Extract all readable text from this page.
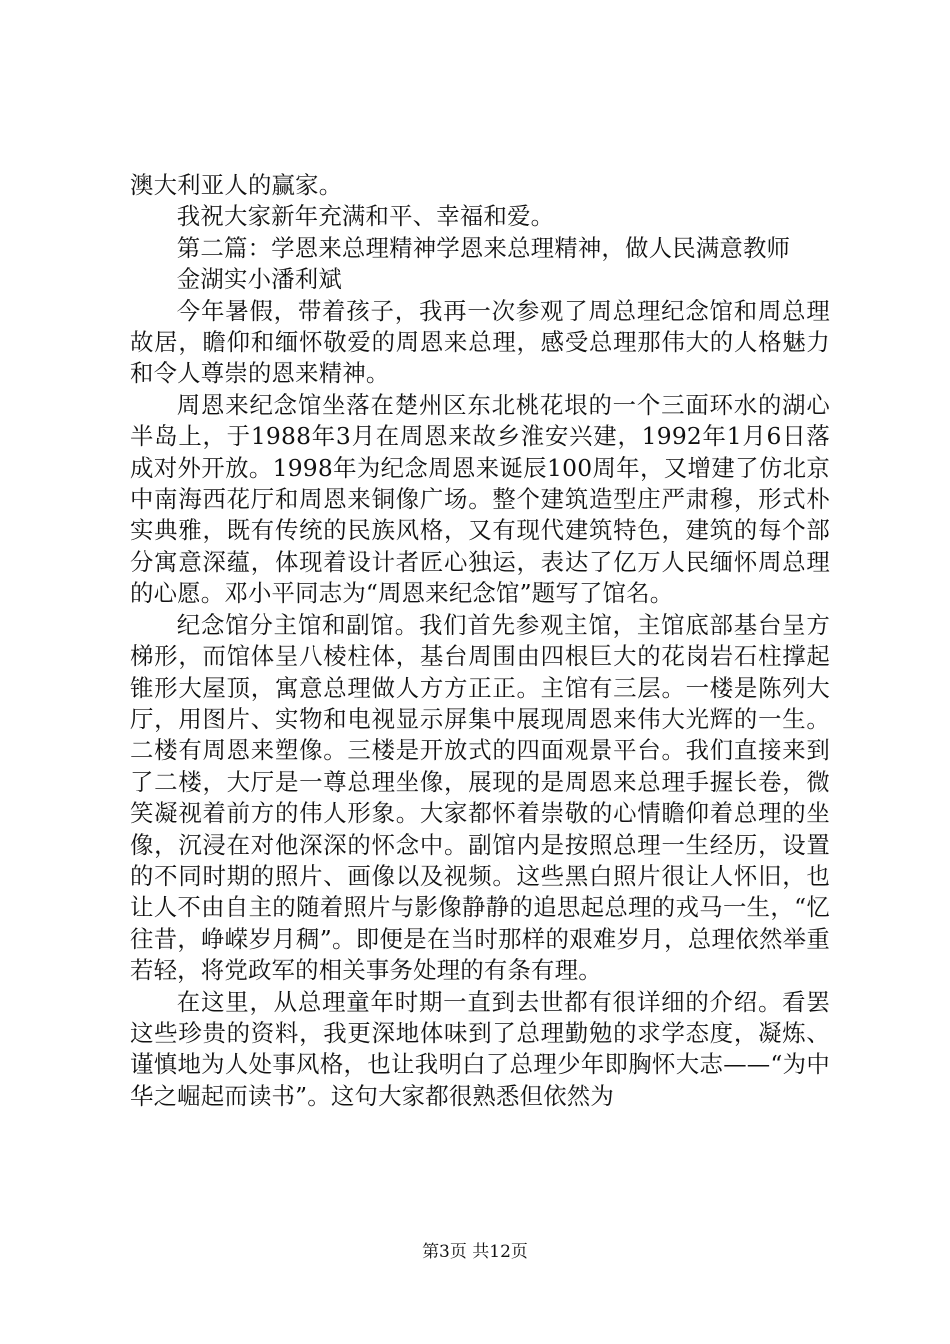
澳大利亚人的赢家。

我祝大家新年充满和平、幸福和爱。

第二篇：学恩来总理精神学恩来总理精神，做人民满意教师

金湖实小潘利斌

今年暑假，带着孩子，我再一次参观了周总理纪念馆和周总理故居，瞻仰和缅怀敬爱的周恩来总理，感受总理那伟大的人格魅力和令人尊崇的恩来精神。

周恩来纪念馆坐落在楚州区东北桃花垠的一个三面环水的湖心半岛上，于1988年3月在周恩来故乡淮安兴建，1992年1月6日落成对外开放。1998年为纪念周恩来诞辰100周年，又增建了仿北京中南海西花厅和周恩来铜像广场。整个建筑造型庄严肃穆，形式朴实典雅，既有传统的民族风格，又有现代建筑特色，建筑的每个部分寓意深蕴，体现着设计者匠心独运，表达了亿万人民缅怀周总理的心愿。邓小平同志为“周恩来纪念馆”题写了馆名。

纪念馆分主馆和副馆。我们首先参观主馆，主馆底部基台呈方梯形，而馆体呈八棱柱体，基台周围由四根巨大的花岗岩石柱撑起锥形大屋顶，寓意总理做人方方正正。主馆有三层。一楼是陈列大厅，用图片、实物和电视显示屏集中展现周恩来伟大光辉的一生。二楼有周恩来塑像。三楼是开放式的四面观景平台。我们直接来到了二楼，大厅是一尊总理坐像，展现的是周恩来总理手握长卷，微笑凝视着前方的伟人形象。大家都怀着崇敬的心情瞻仰着总理的坐像，沉浸在对他深深的怀念中。副馆内是按照总理一生经历，设置的不同时期的照片、画像以及视频。这些黑白照片很让人怀旧，也让人不由自主的随着照片与影像静静的追思起总理的戎马一生，“忆往昔，峥嵘岁月稠”。即便是在当时那样的艰难岁月，总理依然举重若轻，将党政军的相关事务处理的有条有理。

在这里，从总理童年时期一直到去世都有很详细的介绍。看罢这些珍贵的资料，我更深地体味到了总理勤勉的求学态度，凝炼、谨慎地为人处事风格，也让我明白了总理少年即胸怀大志——“为中华之崛起而读书”。这句大家都很熟悉但依然为

第3页 共12页
